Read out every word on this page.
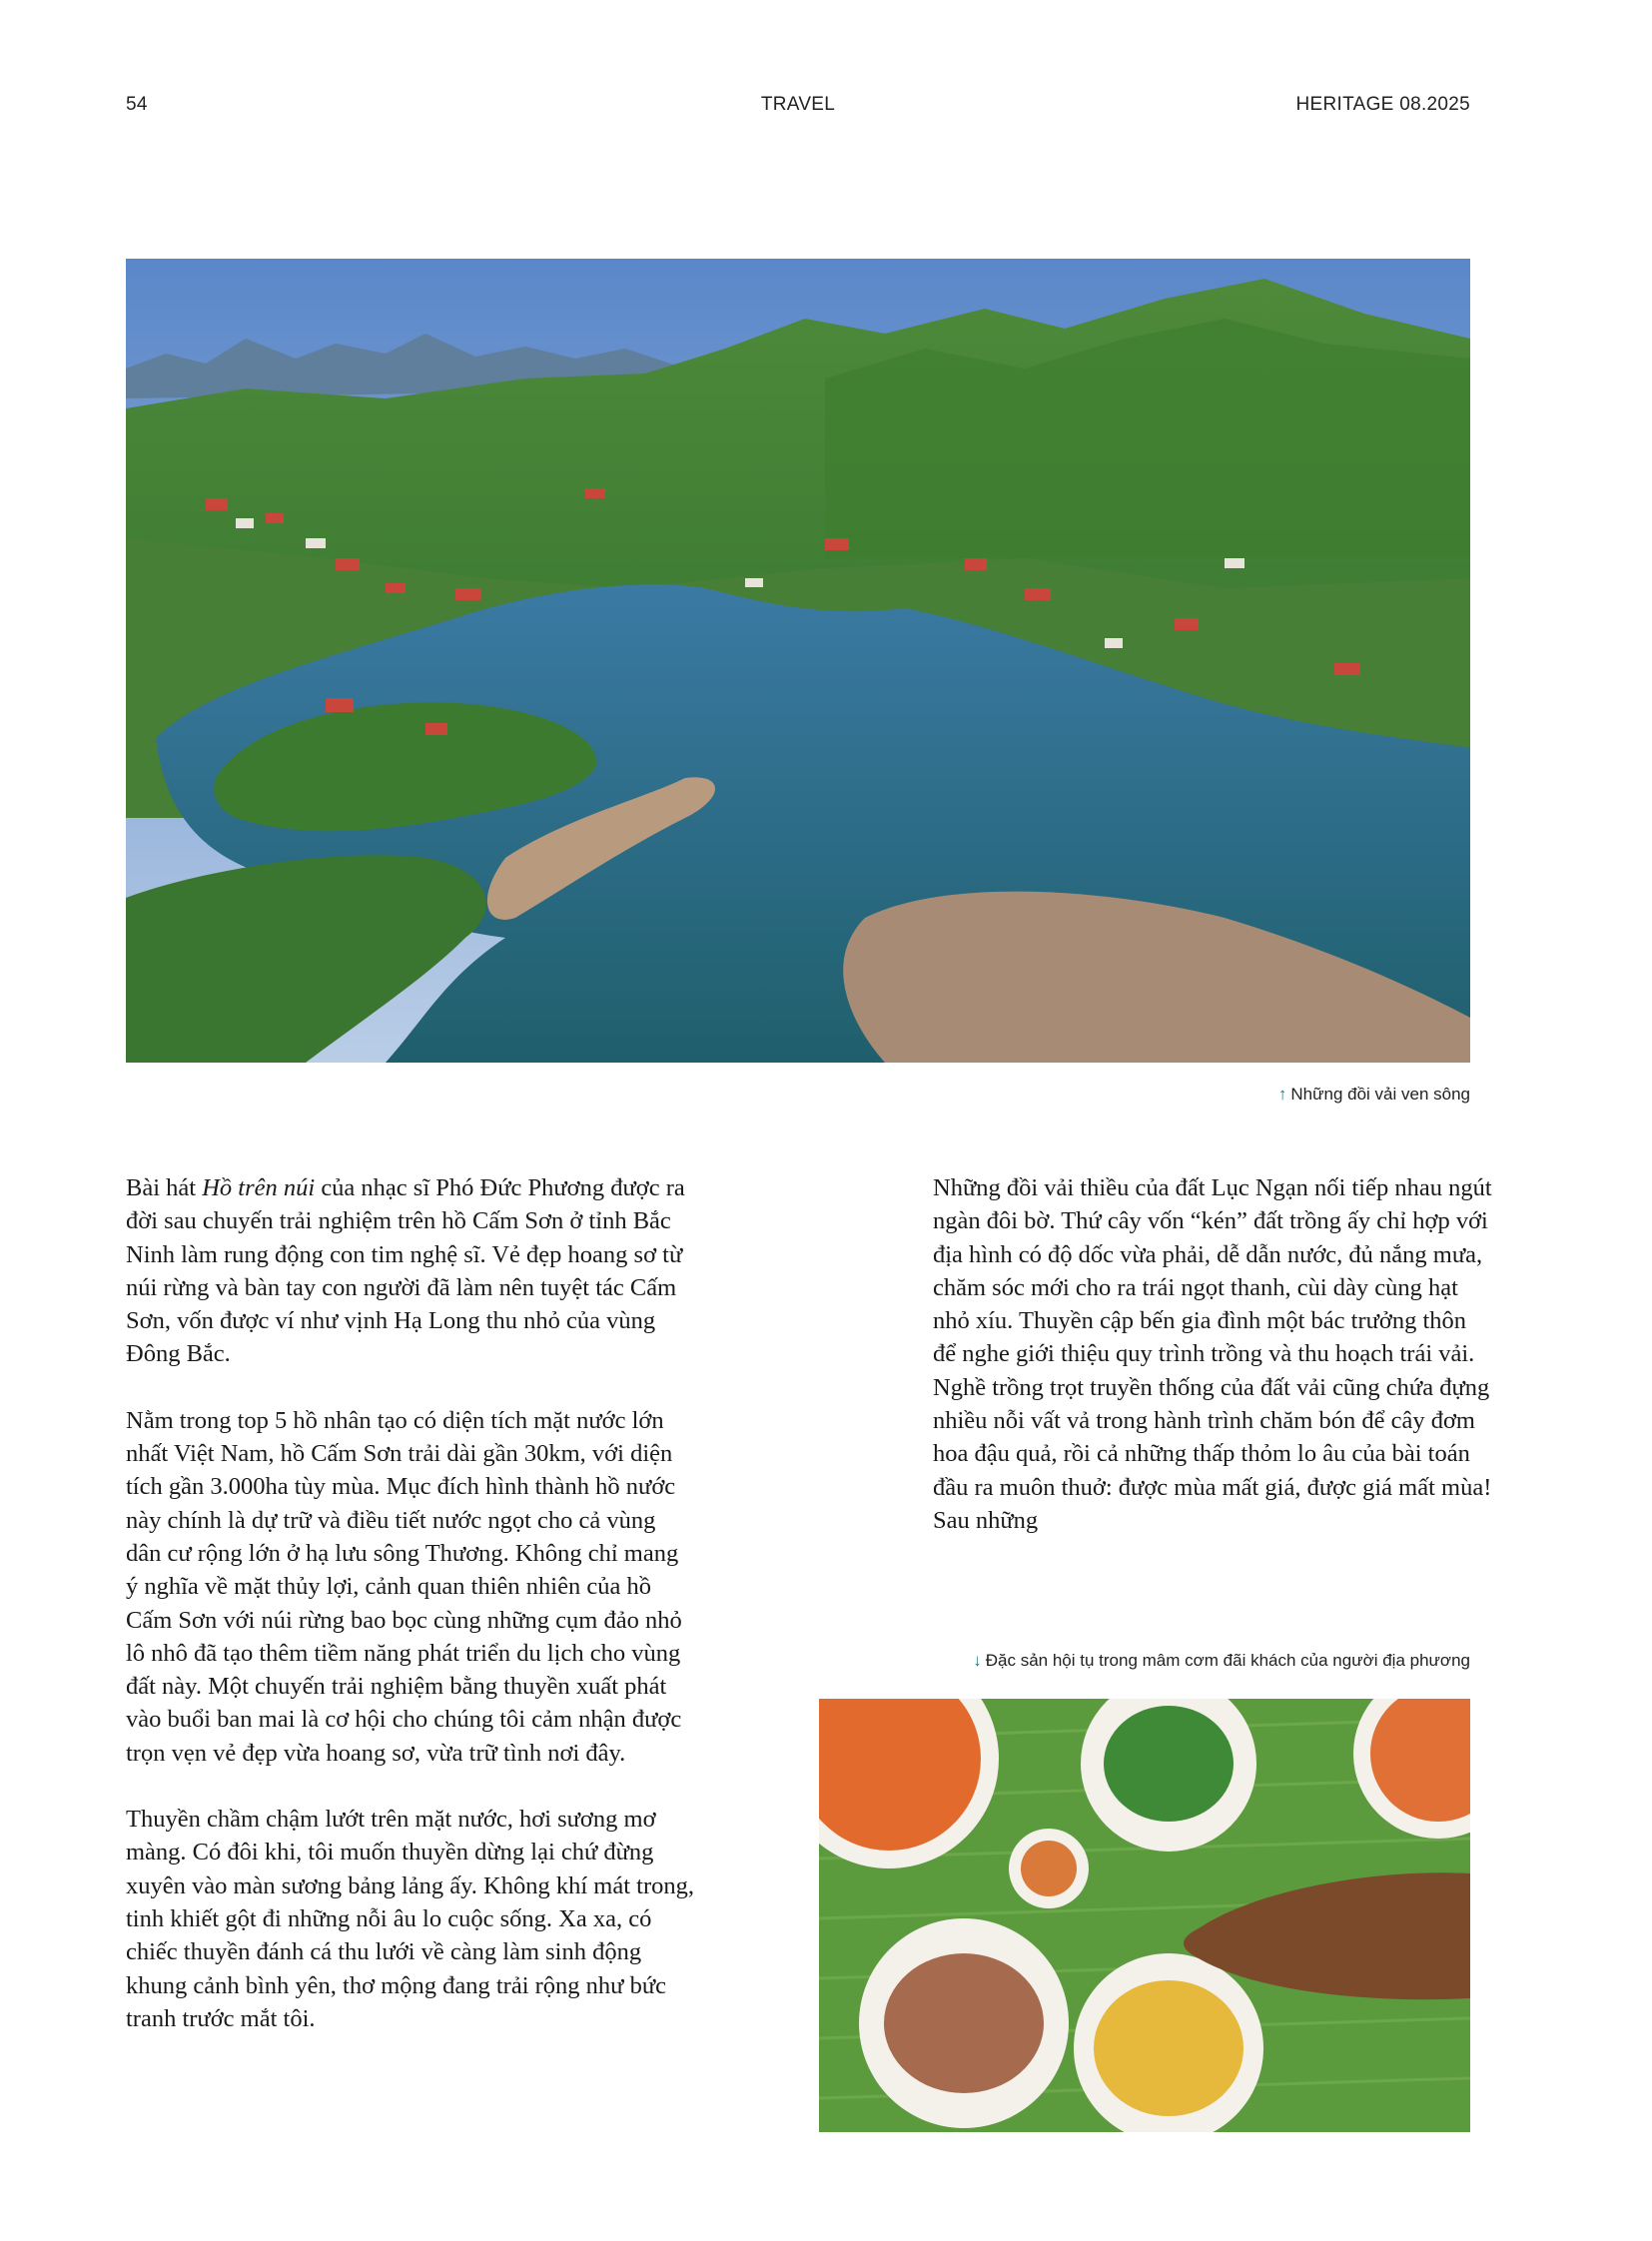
54	TRAVEL	HERITAGE 08.2025
↑ Những đồi vải ven sông

Bài hát Hồ trên núi của nhạc sĩ Phó Đức Phương được ra đời sau chuyến trải nghiệm trên hồ Cấm Sơn ở tỉnh Bắc Ninh làm rung động con tim nghệ sĩ. Vẻ đẹp hoang sơ từ núi rừng và bàn tay con người đã làm nên tuyệt tác Cấm Sơn, vốn được ví như vịnh Hạ Long thu nhỏ của vùng Đông Bắc.

Nằm trong top 5 hồ nhân tạo có diện tích mặt nước lớn nhất Việt Nam, hồ Cấm Sơn trải dài gần 30km, với diện tích gần 3.000ha tùy mùa. Mục đích hình thành hồ nước này chính là dự trữ và điều tiết nước ngọt cho cả vùng dân cư rộng lớn ở hạ lưu sông Thương. Không chỉ mang ý nghĩa về mặt thủy lợi, cảnh quan thiên nhiên của hồ Cấm Sơn với núi rừng bao bọc cùng những cụm đảo nhỏ lô nhô đã tạo thêm tiềm năng phát triển du lịch cho vùng đất này. Một chuyến trải nghiệm bằng thuyền xuất phát vào buổi ban mai là cơ hội cho chúng tôi cảm nhận được trọn vẹn vẻ đẹp vừa hoang sơ, vừa trữ tình nơi đây.

Thuyền chầm chậm lướt trên mặt nước, hơi sương mơ màng. Có đôi khi, tôi muốn thuyền dừng lại chứ đừng xuyên vào màn sương bảng lảng ấy. Không khí mát trong, tinh khiết gột đi những nỗi âu lo cuộc sống. Xa xa, có chiếc thuyền đánh cá thu lưới về càng làm sinh động khung cảnh bình yên, thơ mộng đang trải rộng như bức tranh trước mắt tôi.

Những đồi vải thiều của đất Lục Ngạn nối tiếp nhau ngút ngàn đôi bờ. Thứ cây vốn “kén” đất trồng ấy chỉ hợp với địa hình có độ dốc vừa phải, dễ dẫn nước, đủ nắng mưa, chăm sóc mới cho ra trái ngọt thanh, cùi dày cùng hạt nhỏ xíu. Thuyền cập bến gia đình một bác trưởng thôn để nghe giới thiệu quy trình trồng và thu hoạch trái vải. Nghề trồng trọt truyền thống của đất vải cũng chứa đựng nhiều nỗi vất vả trong hành trình chăm bón để cây đơm hoa đậu quả, rồi cả những thấp thỏm lo âu của bài toán đầu ra muôn thuở: được mùa mất giá, được giá mất mùa! Sau những

↓ Đặc sản hội tụ trong mâm cơm đãi khách của người địa phương
